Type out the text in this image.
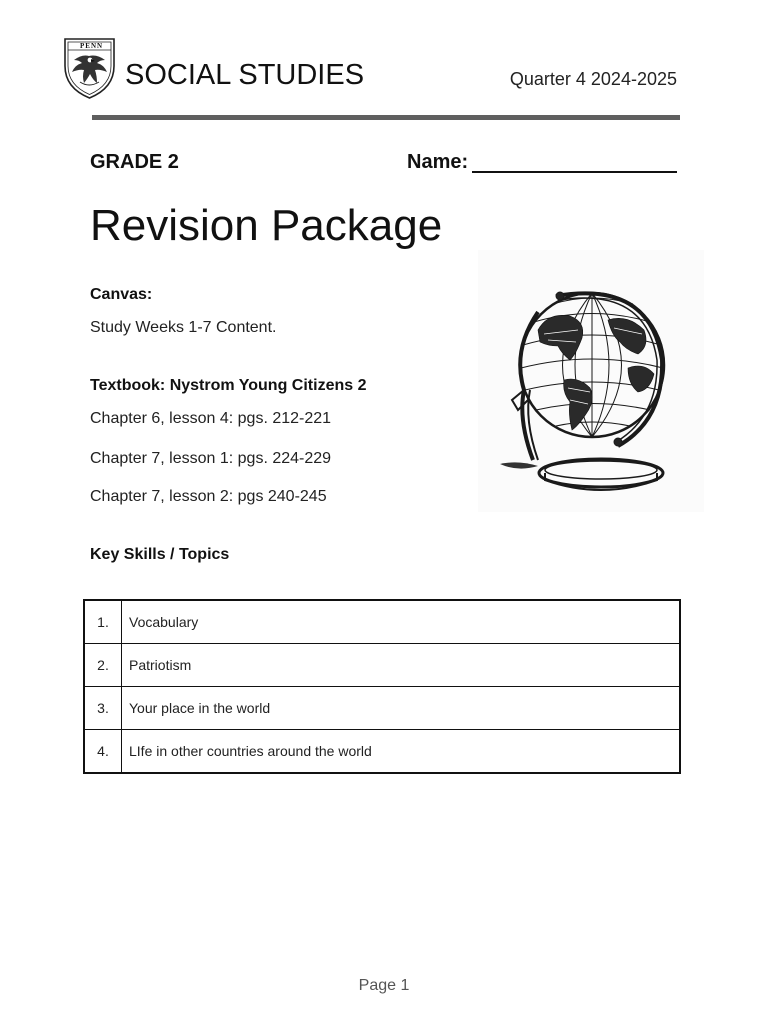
PENN
SOCIAL STUDIES	Quarter 4 2024-2025
GRADE 2	Name:
Revision Package
Canvas:
Study Weeks 1-7 Content.
Textbook: Nystrom Young Citizens 2
Chapter 6, lesson 4: pgs. 212-221
Chapter 7, lesson 1: pgs. 224-229
Chapter 7, lesson 2: pgs 240-245
Key Skills / Topics
1.	Vocabulary
2.	Patriotism
3.	Your place in the world
4.	LIfe in other countries around the world
Page 1
